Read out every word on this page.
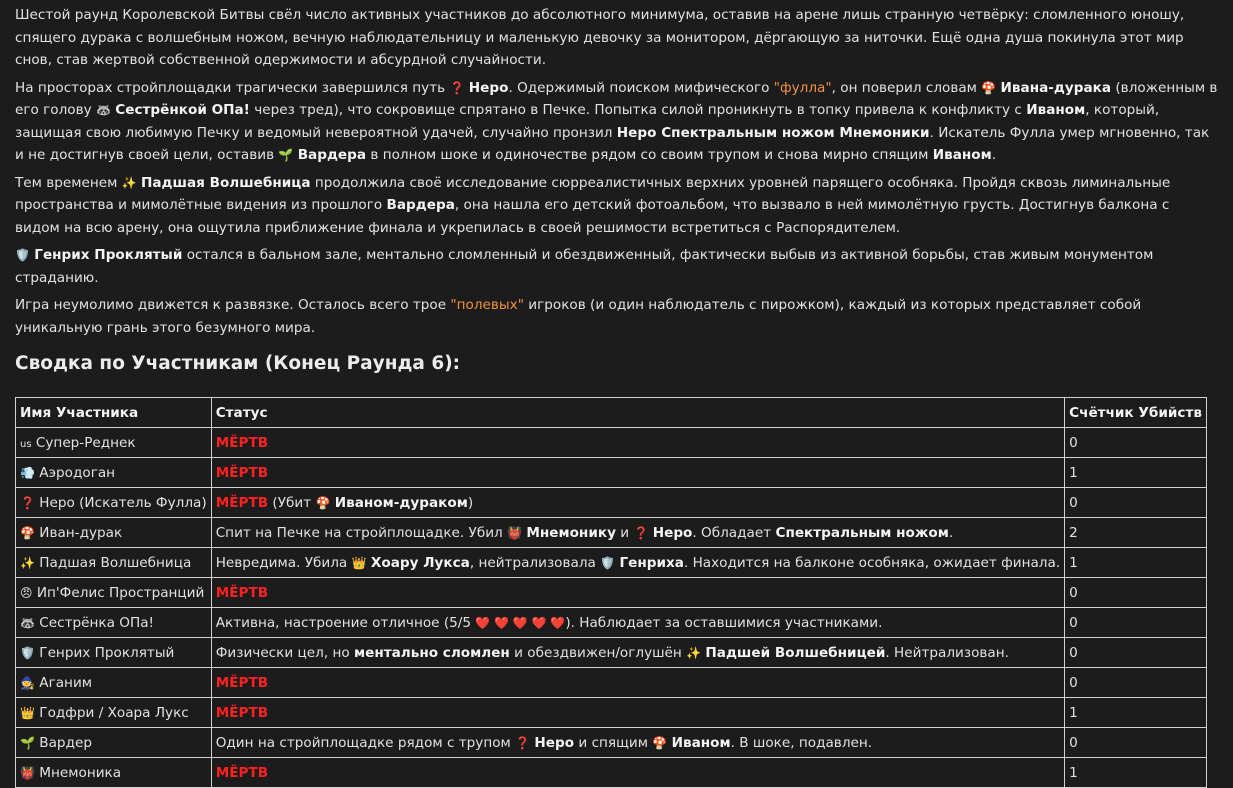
Шестой раунд Королевской Битвы свёл число активных участников до абсолютного минимума, оставив на арене лишь странную четвёрку: сломленного юношу, спящего дурака с волшебным ножом, вечную наблюдательницу и маленькую девочку за монитором, дёргающую за ниточки. Ещё одна душа покинула этот мир снов, став жертвой собственной одержимости и абсурдной случайности.

На просторах стройплощадки трагически завершился путь ❓ Неро. Одержимый поиском мифического "фулла", он поверил словам 🍄 Ивана-дурака (вложенным в его голову 🦝 Сестрёнкой ОПа! через тред), что сокровище спрятано в Печке. Попытка силой проникнуть в топку привела к конфликту с Иваном, который, защищая свою любимую Печку и ведомый невероятной удачей, случайно пронзил Неро Спектральным ножом Мнемоники. Искатель Фулла умер мгновенно, так и не достигнув своей цели, оставив 🌱 Вардера в полном шоке и одиночестве рядом со своим трупом и снова мирно спящим Иваном.

Тем временем ✨ Падшая Волшебница продолжила своё исследование сюрреалистичных верхних уровней парящего особняка. Пройдя сквозь лиминальные пространства и мимолётные видения из прошлого Вардера, она нашла его детский фотоальбом, что вызвало в ней мимолётную грусть. Достигнув балкона с видом на всю арену, она ощутила приближение финала и укрепилась в своей решимости встретиться с Распорядителем.

🛡️ Генрих Проклятый остался в бальном зале, ментально сломленный и обездвиженный, фактически выбыв из активной борьбы, став живым монументом страданию.

Игра неумолимо движется к развязке. Осталось всего трое "полевых" игроков (и один наблюдатель с пирожком), каждый из которых представляет собой уникальную грань этого безумного мира.

Сводка по Участникам (Конец Раунда 6):
Имя Участника	Статус	Счётчик Убийств
us Супер-Реднек	МЁРТВ	0
💨 Аэродоган	МЁРТВ	1
❓ Неро (Искатель Фулла)	МЁРТВ (Убит 🍄 Иваном-дураком)	0
🍄 Иван-дурак	Спит на Печке на стройплощадке. Убил 👹 Мнемонику и ❓ Неро. Обладает Спектральным ножом.	2
✨ Падшая Волшебница	Невредима. Убила 👑 Хоару Лукса, нейтрализовала 🛡️ Генриха. Находится на балконе особняка, ожидает финала.	1
😠 Ип'Фелис Пространций	МЁРТВ	0
🦝 Сестрёнка ОПа!	Активна, настроение отличное (5/5 ❤️ ❤️ ❤️ ❤️ ❤️). Наблюдает за оставшимися участниками.	0
🛡️ Генрих Проклятый	Физически цел, но ментально сломлен и обездвижен/оглушён ✨ Падшей Волшебницей. Нейтрализован.	0
🧙 Аганим	МЁРТВ	0
👑 Годфри / Хоара Лукс	МЁРТВ	1
🌱 Вардер	Один на стройплощадке рядом с трупом ❓ Неро и спящим 🍄 Иваном. В шоке, подавлен.	0
👹 Мнемоника	МЁРТВ	1
